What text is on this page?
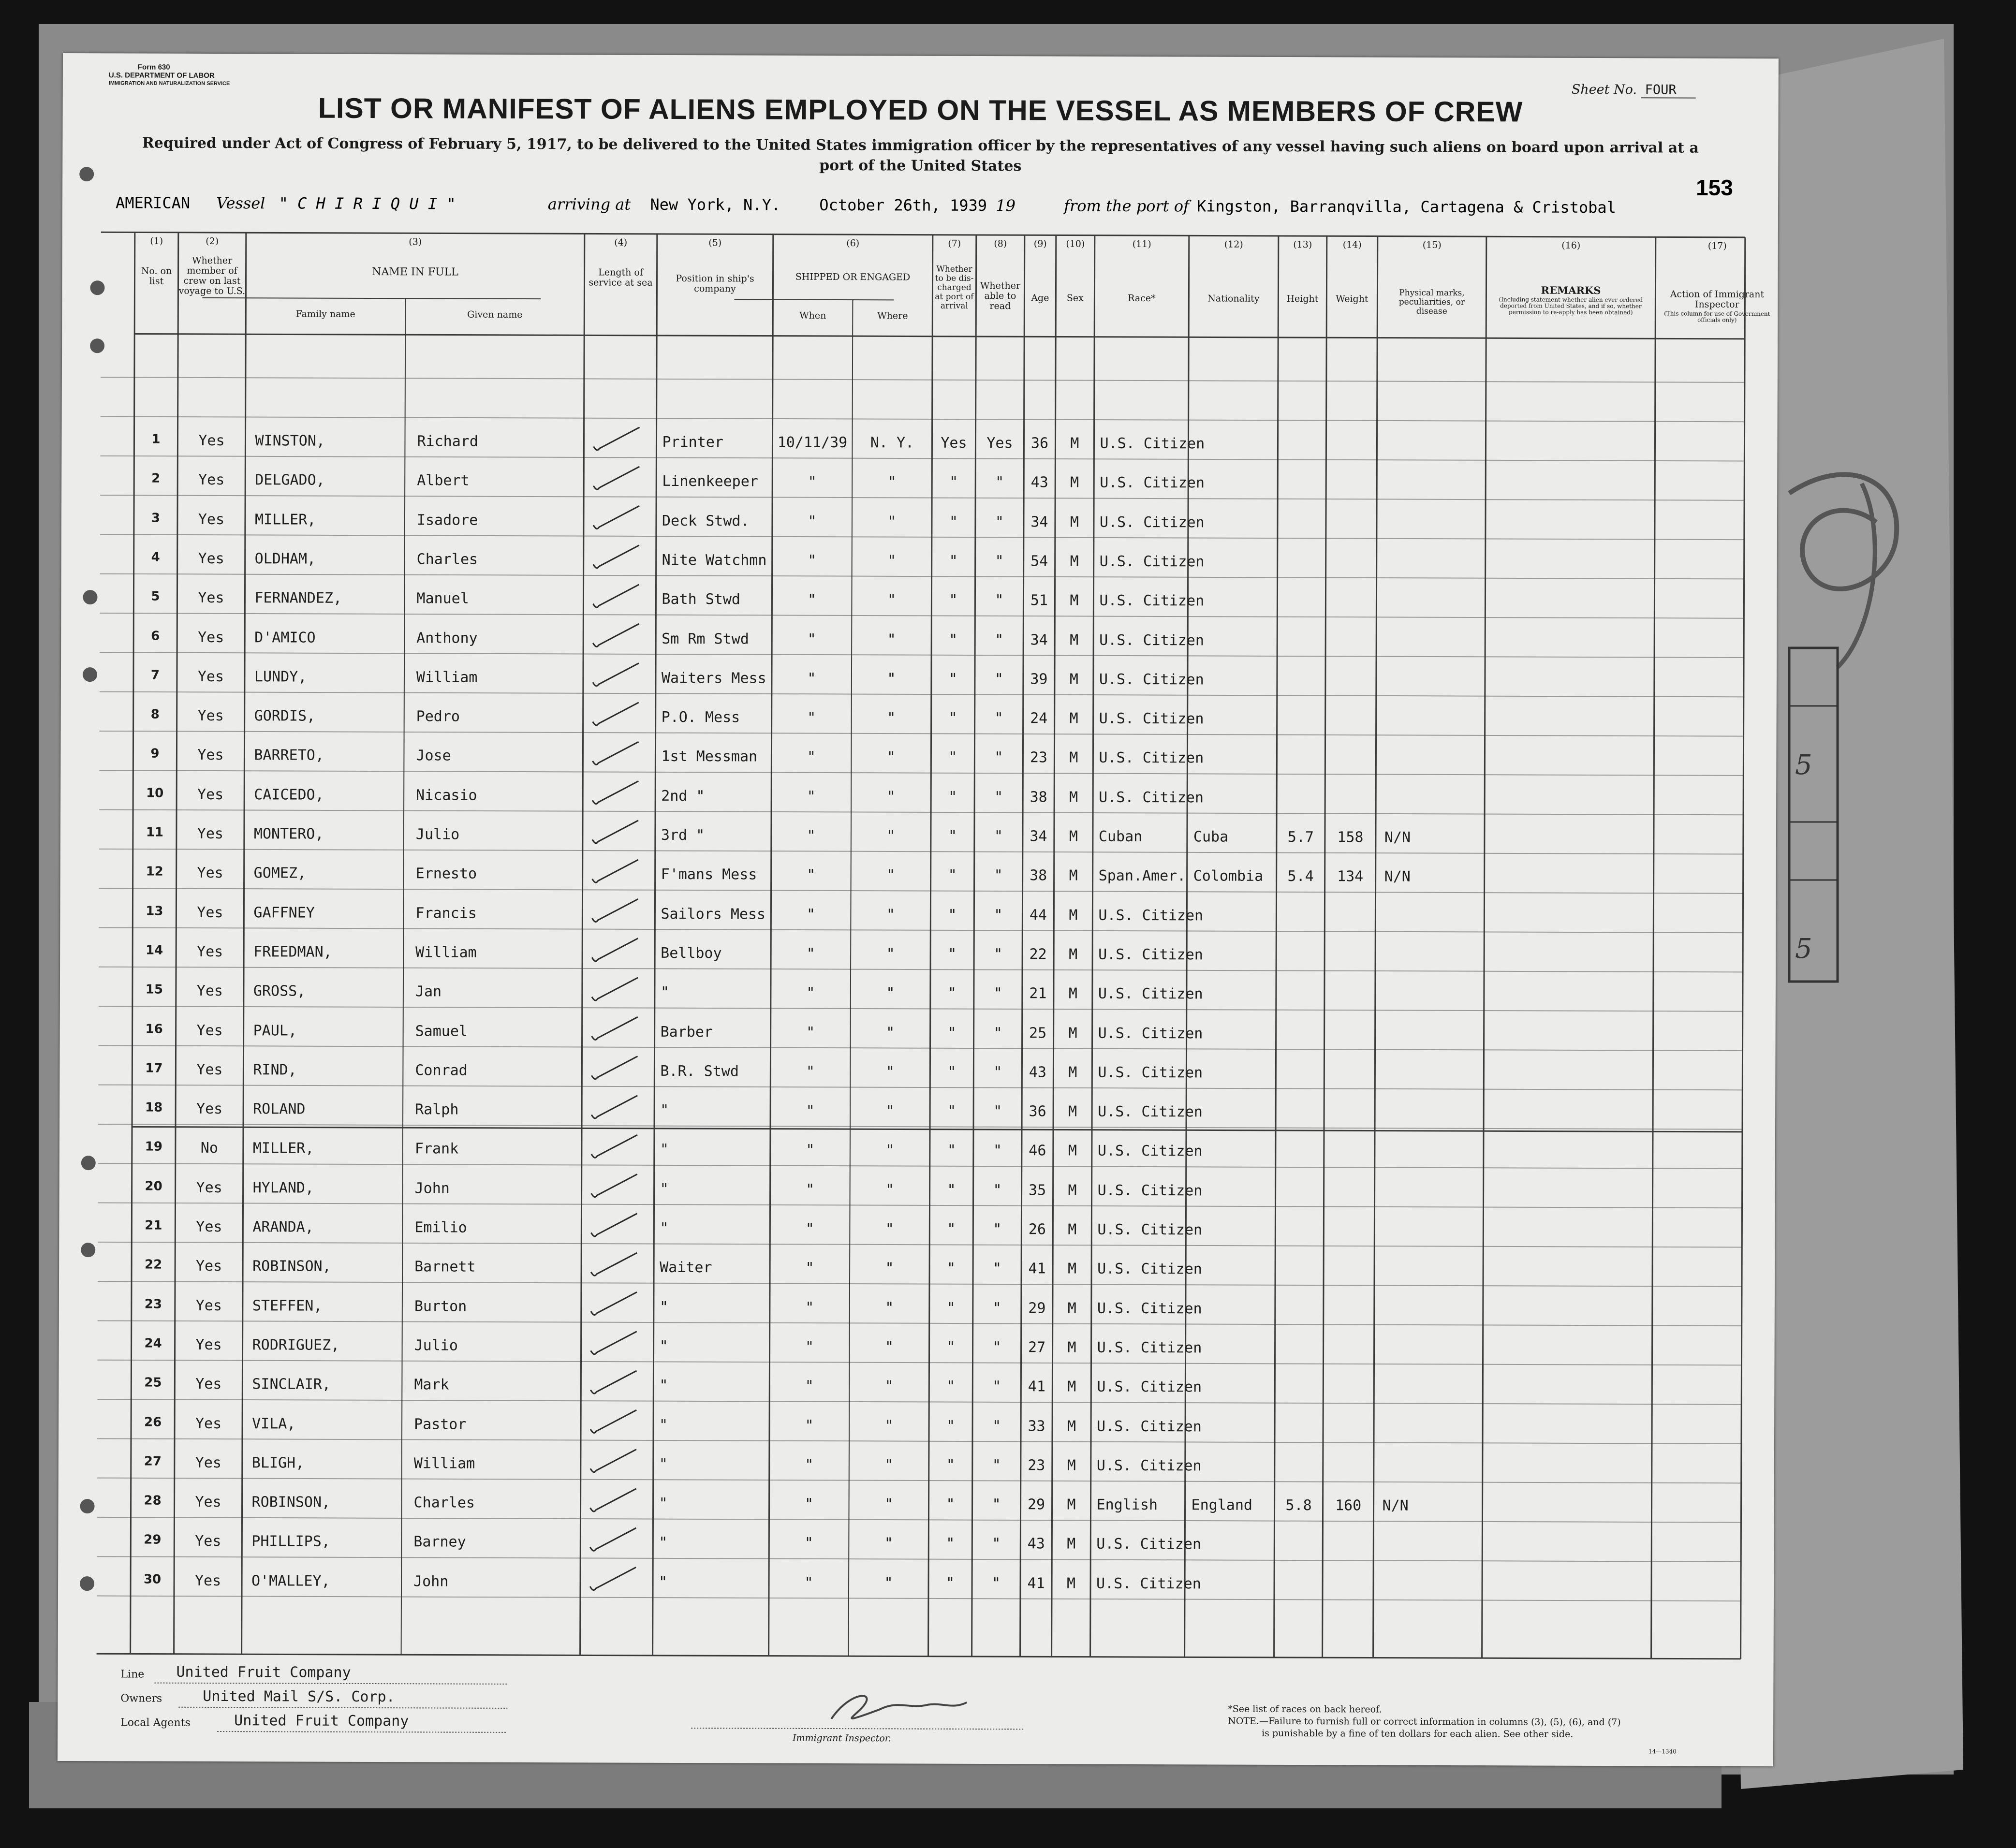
Form 630
U.S. DEPARTMENT OF LABOR
IMMIGRATION AND NATURALIZATION SERVICE
LIST OR MANIFEST OF ALIENS EMPLOYED ON THE VESSEL AS MEMBERS OF CREW
Required under Act of Congress of February 5, 1917, to be delivered to the United States immigration officer by the representatives of any vessel having such aliens on board upon arrival at a
port of the United States
Sheet No. FOUR
153
AMERICAN Vessel " C H I R I Q U I "	arriving at New York, N.Y.	October 26th, 1939 19	from the port of Kingston, Barranqvilla, Cartagena & Cristobal
(1)	(2)	(3)	(4)	(5)	(6)	(7)	(8)	(9)	(10)	(11)	(12)	(13)	(14)	(15)	(16)	(17)
No. on list
Whether member of crew on last voyage to U.S.
NAME IN FULL
Family name	Given name
Length of service at sea	Position in ship's company
SHIPPED OR ENGAGED
When	Where
Whether to be dis-charged at port of arrival
Whether able to read
Age	Sex	Race*	Nationality	Height	Weight
Physical marks, peculiarities, or disease
REMARKS
(Including statement whether alien ever ordered deported from United States, and if so, whether permission to re-apply has been obtained)
Action of Immigrant Inspector
(This column for use of Government officials only)
1	Yes	WINSTON,	Richard	Printer	10/11/39	N. Y.	Yes	Yes	36	M	U.S. Citizen
2	Yes	DELGADO,	Albert	Linenkeeper	"	"	"	"	43	M	U.S. Citizen
3	Yes	MILLER,	Isadore	Deck Stwd.	"	"	"	"	34	M	U.S. Citizen
4	Yes	OLDHAM,	Charles	Nite Watchmn	"	"	"	"	54	M	U.S. Citizen
5	Yes	FERNANDEZ,	Manuel	Bath Stwd	"	"	"	"	51	M	U.S. Citizen
6	Yes	D'AMICO	Anthony	Sm Rm Stwd	"	"	"	"	34	M	U.S. Citizen
7	Yes	LUNDY,	William	Waiters Mess	"	"	"	"	39	M	U.S. Citizen
8	Yes	GORDIS,	Pedro	P.O. Mess	"	"	"	"	24	M	U.S. Citizen
9	Yes	BARRETO,	Jose	1st Messman	"	"	"	"	23	M	U.S. Citizen
10	Yes	CAICEDO,	Nicasio	2nd "	"	"	"	"	38	M	U.S. Citizen
11	Yes	MONTERO,	Julio	3rd "	"	"	"	"	34	M	Cuban	Cuba	5.7	158	N/N
12	Yes	GOMEZ,	Ernesto	F'mans Mess	"	"	"	"	38	M	Span.Amer. Colombia	5.4	134	N/N
13	Yes	GAFFNEY	Francis	Sailors Mess	"	"	"	"	44	M	U.S. Citizen
14	Yes	FREEDMAN,	William	Bellboy	"	"	"	"	22	M	U.S. Citizen
15	Yes	GROSS,	Jan	"	"	"	"	"	21	M	U.S. Citizen
16	Yes	PAUL,	Samuel	Barber	"	"	"	"	25	M	U.S. Citizen
17	Yes	RIND,	Conrad	B.R. Stwd	"	"	"	"	43	M	U.S. Citizen
18	Yes	ROLAND	Ralph	"	"	"	"	"	36	M	U.S. Citizen
19	No	MILLER,	Frank	"	"	"	"	"	46	M	U.S. Citizen
20	Yes	HYLAND,	John	"	"	"	"	"	35	M	U.S. Citizen
21	Yes	ARANDA,	Emilio	"	"	"	"	"	26	M	U.S. Citizen
22	Yes	ROBINSON,	Barnett	Waiter	"	"	"	"	41	M	U.S. Citizen
23	Yes	STEFFEN,	Burton	"	"	"	"	"	29	M	U.S. Citizen
24	Yes	RODRIGUEZ,	Julio	"	"	"	"	"	27	M	U.S. Citizen
25	Yes	SINCLAIR,	Mark	"	"	"	"	"	41	M	U.S. Citizen
26	Yes	VILA,	Pastor	"	"	"	"	"	33	M	U.S. Citizen
27	Yes	BLIGH,	William	"	"	"	"	"	23	M	U.S. Citizen
28	Yes	ROBINSON,	Charles	"	"	"	"	"	29	M	English	England	5.8	160	N/N
29	Yes	PHILLIPS,	Barney	"	"	"	"	"	43	M	U.S. Citizen
30	Yes	O'MALLEY,	John	"	"	"	"	"	41	M	U.S. Citizen
Line United Fruit Company
Owners	United Mail S/S. Corp.
Local Agents	United Fruit Company
Immigrant Inspector.
*See list of races on back hereof.
NOTE.—Failure to furnish full or correct information in columns (3), (5), (6), and (7)
is punishable by a fine of ten dollars for each alien. See other side.
14—1340
5
5
